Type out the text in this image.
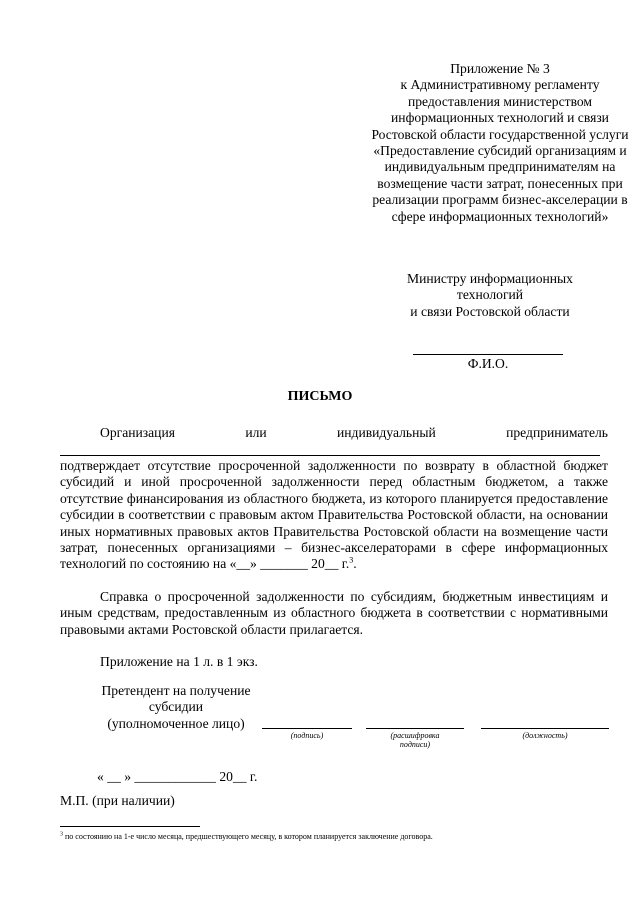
Приложение № 3
к Административному регламенту
предоставления министерством
информационных технологий и связи
Ростовской области государственной услуги
«Предоставление субсидий организациям и
индивидуальным предпринимателям на
возмещение части затрат, понесенных при
реализации программ бизнес-акселерации в
сфере информационных технологий»
Министру информационных
технологий
и связи Ростовской области
Ф.И.О.
ПИСЬМО
Организация	или	индивидуальный	предприниматель
подтверждает отсутствие просроченной задолженности по возврату в областной бюджет субсидий и иной просроченной задолженности перед областным бюджетом, а также отсутствие финансирования из областного бюджета, из которого планируется предоставление субсидии в соответствии с правовым актом Правительства Ростовской области, на основании иных нормативных правовых актов Правительства Ростовской области на возмещение части затрат, понесенных организациями – бизнес-акселераторами в сфере информационных технологий по состоянию на «__» _______ 20__ г.$^3$.
Справка о просроченной задолженности по субсидиям, бюджетным инвестициям и иным средствам, предоставленным из областного бюджета в соответствии с нормативными правовыми актами Ростовской области прилагается.
Приложение на 1 л. в 1 экз.
Претендент на получение
субсидии
(уполномоченное лицо)
(подпись)	(расшифровка
подписи)
(должность)
« __ » ____________ 20__ г.
М.П. (при наличии)
$^3$ по состоянию на 1-е число месяца, предшествующего месяцу, в котором планируется заключение договора.
